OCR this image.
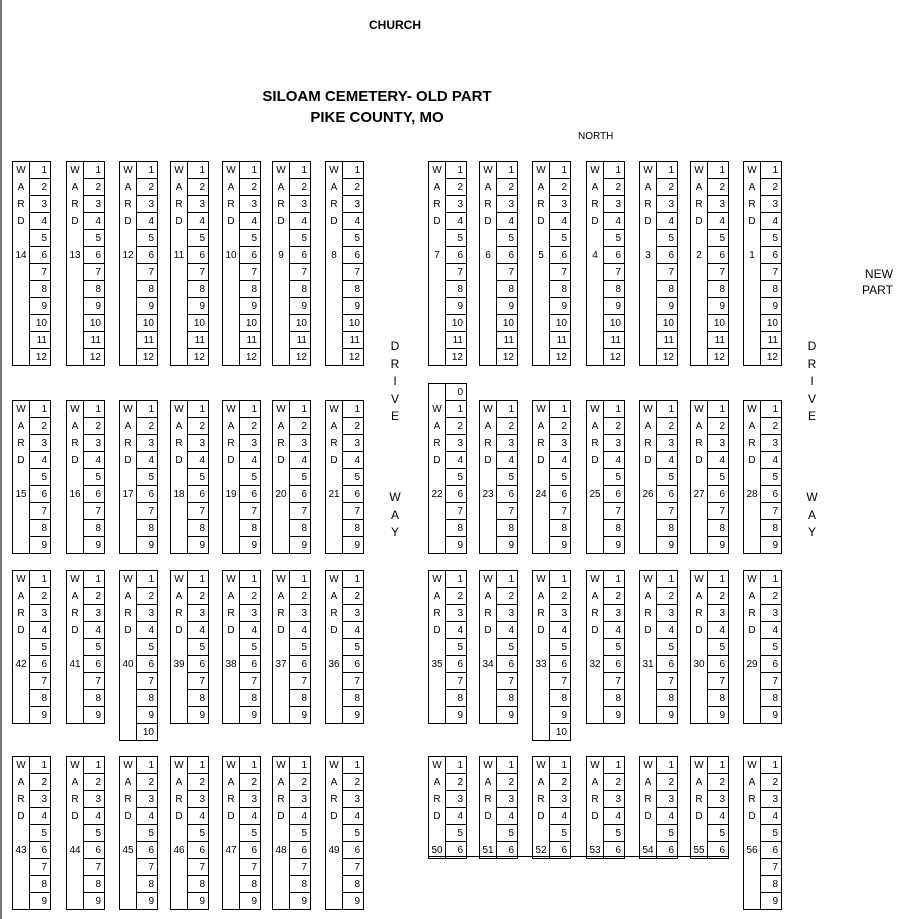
CHURCH
SILOAM CEMETERY- OLD PART
PIKE COUNTY, MO
NORTH
NEW
PART
D
R
I
V
E
W
A
Y
D
R
I
V
E
W
A
Y
W
A
R
D
14
1
2
3
4
5
6
7
8
9
10
11
12
W
A
R
D
13
1
2
3
4
5
6
7
8
9
10
11
12
W
A
R
D
12
1
2
3
4
5
6
7
8
9
10
11
12
W
A
R
D
11
1
2
3
4
5
6
7
8
9
10
11
12
W
A
R
D
10
1
2
3
4
5
6
7
8
9
10
11
12
W
A
R
D
9
1
2
3
4
5
6
7
8
9
10
11
12
W
A
R
D
8
1
2
3
4
5
6
7
8
9
10
11
12
W
A
R
D
7
1
2
3
4
5
6
7
8
9
10
11
12
W
A
R
D
6
1
2
3
4
5
6
7
8
9
10
11
12
W
A
R
D
5
1
2
3
4
5
6
7
8
9
10
11
12
W
A
R
D
4
1
2
3
4
5
6
7
8
9
10
11
12
W
A
R
D
3
1
2
3
4
5
6
7
8
9
10
11
12
W
A
R
D
2
1
2
3
4
5
6
7
8
9
10
11
12
W
A
R
D
1
1
2
3
4
5
6
7
8
9
10
11
12
W
A
R
D
15
1
2
3
4
5
6
7
8
9
W
A
R
D
16
1
2
3
4
5
6
7
8
9
W
A
R
D
17
1
2
3
4
5
6
7
8
9
W
A
R
D
18
1
2
3
4
5
6
7
8
9
W
A
R
D
19
1
2
3
4
5
6
7
8
9
W
A
R
D
20
1
2
3
4
5
6
7
8
9
W
A
R
D
21
1
2
3
4
5
6
7
8
9
W
A
R
D
22
0
1
2
3
4
5
6
7
8
9
W
A
R
D
23
1
2
3
4
5
6
7
8
9
W
A
R
D
24
1
2
3
4
5
6
7
8
9
W
A
R
D
25
1
2
3
4
5
6
7
8
9
W
A
R
D
26
1
2
3
4
5
6
7
8
9
W
A
R
D
27
1
2
3
4
5
6
7
8
9
W
A
R
D
28
1
2
3
4
5
6
7
8
9
W
A
R
D
42
1
2
3
4
5
6
7
8
9
W
A
R
D
41
1
2
3
4
5
6
7
8
9
W
A
R
D
40
1
2
3
4
5
6
7
8
9
10
W
A
R
D
39
1
2
3
4
5
6
7
8
9
W
A
R
D
38
1
2
3
4
5
6
7
8
9
W
A
R
D
37
1
2
3
4
5
6
7
8
9
W
A
R
D
36
1
2
3
4
5
6
7
8
9
W
A
R
D
35
1
2
3
4
5
6
7
8
9
W
A
R
D
34
1
2
3
4
5
6
7
8
9
W
A
R
D
33
1
2
3
4
5
6
7
8
9
10
W
A
R
D
32
1
2
3
4
5
6
7
8
9
W
A
R
D
31
1
2
3
4
5
6
7
8
9
W
A
R
D
30
1
2
3
4
5
6
7
8
9
W
A
R
D
29
1
2
3
4
5
6
7
8
9
W
A
R
D
43
1
2
3
4
5
6
7
8
9
W
A
R
D
44
1
2
3
4
5
6
7
8
9
W
A
R
D
45
1
2
3
4
5
6
7
8
9
W
A
R
D
46
1
2
3
4
5
6
7
8
9
W
A
R
D
47
1
2
3
4
5
6
7
8
9
W
A
R
D
48
1
2
3
4
5
6
7
8
9
W
A
R
D
49
1
2
3
4
5
6
7
8
9
W
A
R
D
50
1
2
3
4
5
6
W
A
R
D
51
1
2
3
4
5
6
W
A
R
D
52
1
2
3
4
5
6
W
A
R
D
53
1
2
3
4
5
6
W
A
R
D
54
1
2
3
4
5
6
W
A
R
D
55
1
2
3
4
5
6
W
A
R
D
56
1
2
3
4
5
6
7
8
9
